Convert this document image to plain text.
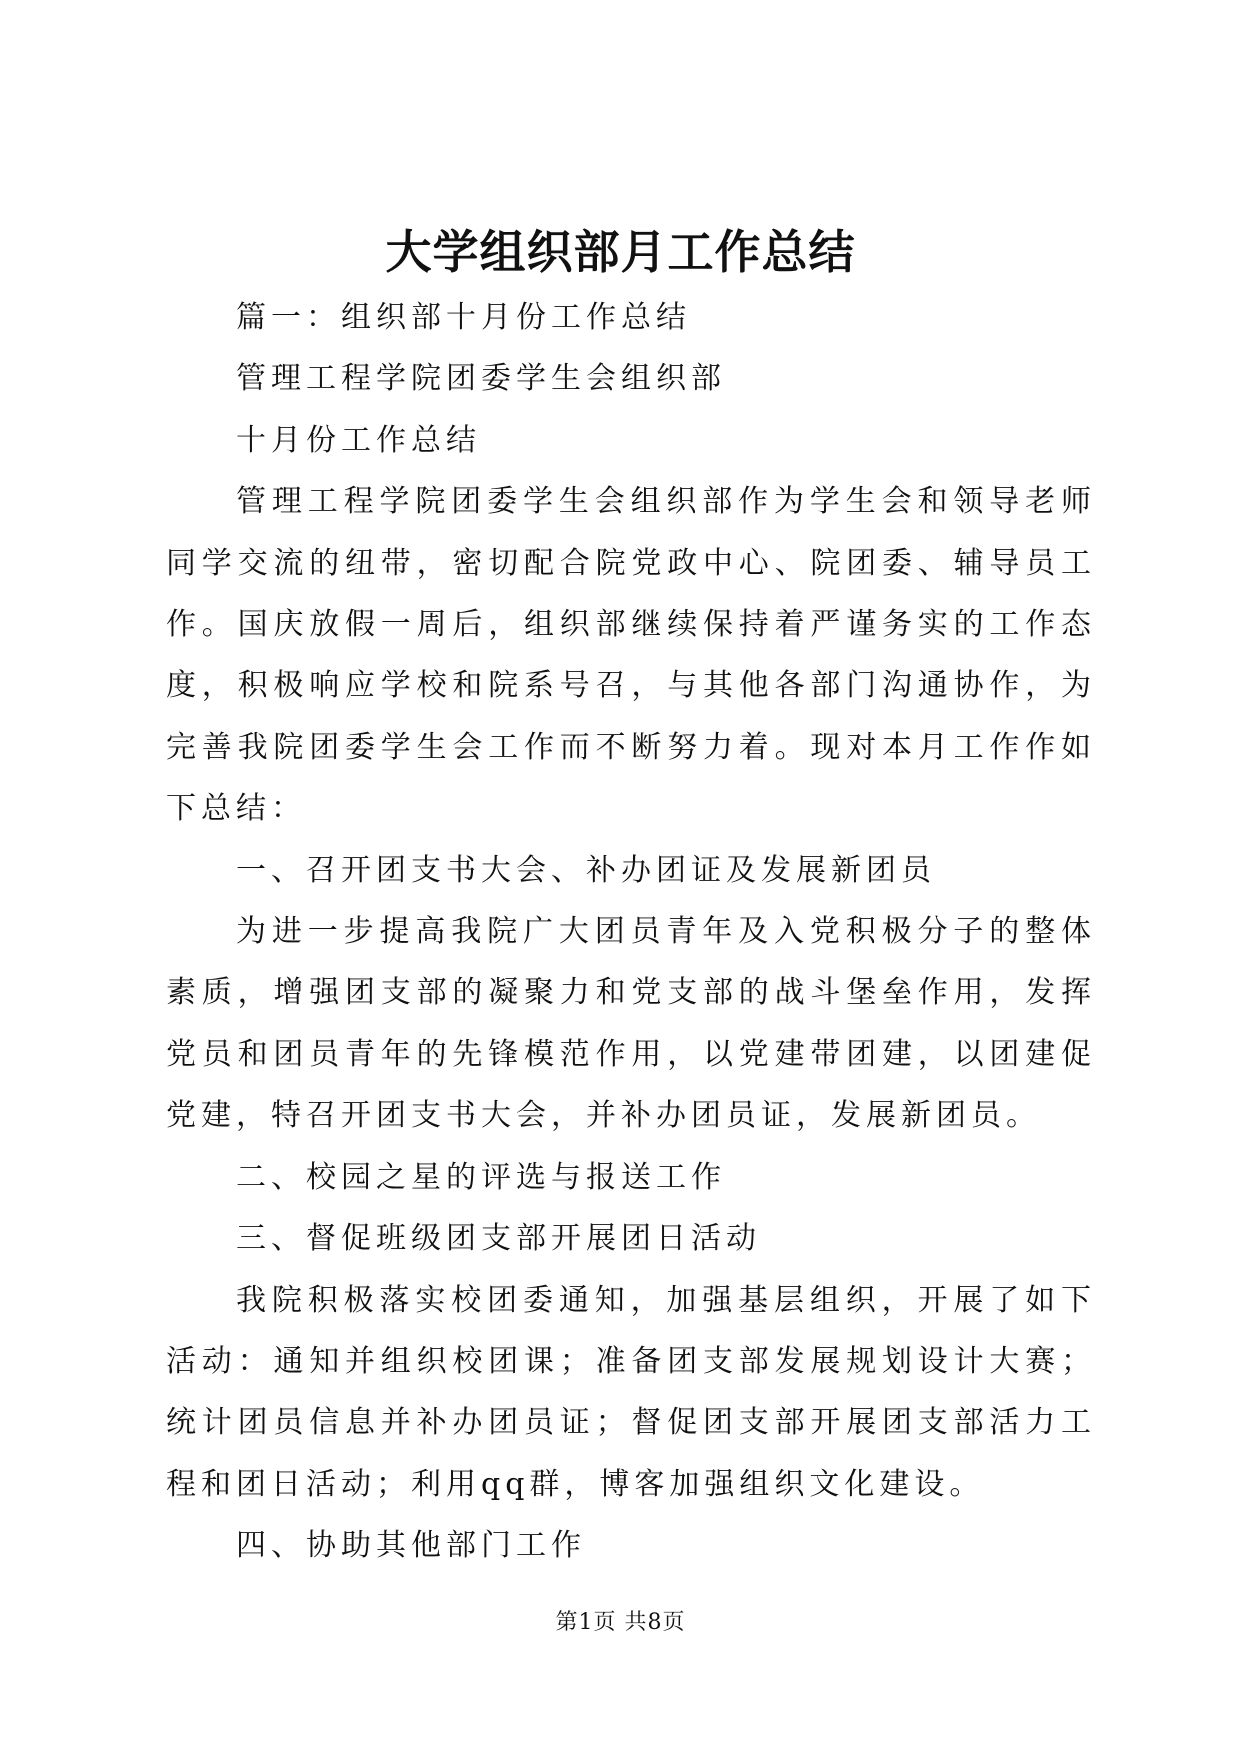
大学组织部月工作总结

篇一：组织部十月份工作总结

管理工程学院团委学生会组织部

十月份工作总结

管理工程学院团委学生会组织部作为学生会和领导老师同学交流的纽带，密切配合院党政中心、院团委、辅导员工作。国庆放假一周后，组织部继续保持着严谨务实的工作态度，积极响应学校和院系号召，与其他各部门沟通协作，为完善我院团委学生会工作而不断努力着。现对本月工作作如下总结：

一、召开团支书大会、补办团证及发展新团员

为进一步提高我院广大团员青年及入党积极分子的整体素质，增强团支部的凝聚力和党支部的战斗堡垒作用，发挥党员和团员青年的先锋模范作用，以党建带团建，以团建促党建，特召开团支书大会，并补办团员证，发展新团员。

二、校园之星的评选与报送工作

三、督促班级团支部开展团日活动

我院积极落实校团委通知，加强基层组织，开展了如下活动：通知并组织校团课；准备团支部发展规划设计大赛；统计团员信息并补办团员证；督促团支部开展团支部活力工程和团日活动；利用qq群，博客加强组织文化建设。

四、协助其他部门工作

第1页 共8页
